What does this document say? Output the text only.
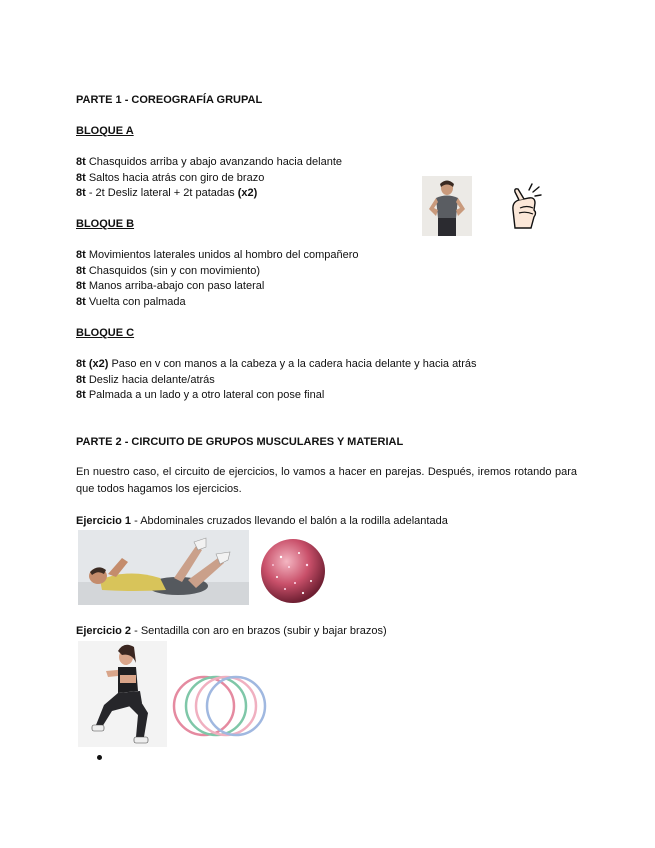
PARTE 1 - COREOGRAFÍA GRUPAL
BLOQUE A
8t Chasquidos arriba y abajo avanzando hacia delante
8t Saltos hacia atrás con giro de brazo
8t - 2t Desliz lateral + 2t patadas (x2)
BLOQUE B
8t Movimientos laterales unidos al hombro del compañero
8t Chasquidos (sin y con movimiento)
8t Manos arriba-abajo con paso lateral
8t Vuelta con palmada
BLOQUE C
8t (x2) Paso en v con manos a la cabeza y a la cadera hacia delante y hacia atrás
8t Desliz hacia delante/atrás
8t Palmada a un lado y a otro lateral con pose final
PARTE 2 - CIRCUITO DE GRUPOS MUSCULARES Y MATERIAL
En nuestro caso, el circuito de ejercicios, lo vamos a hacer en parejas. Después, iremos rotando para que todos hagamos los ejercicios.
Ejercicio 1 - Abdominales cruzados llevando el balón a la rodilla adelantada
Ejercicio 2 - Sentadilla con aro en brazos (subir y bajar brazos)
